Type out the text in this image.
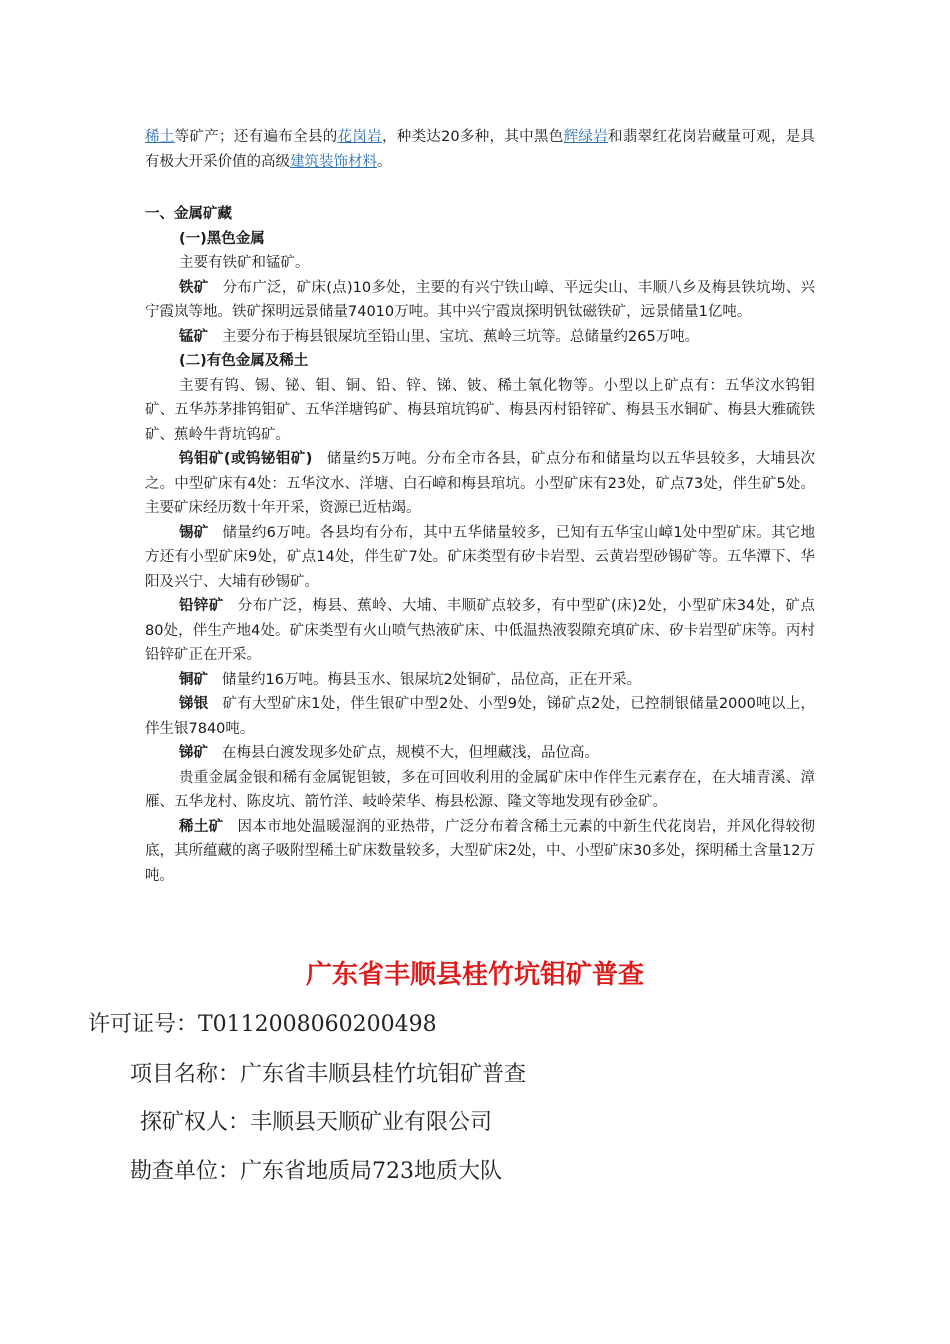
稀土等矿产；还有遍布全县的花岗岩，种类达20多种，其中黑色辉绿岩和翡翠红花岗岩藏量可观，是具有极大开采价值的高级建筑装饰材料。

一、金属矿藏

(一)黑色金属

主要有铁矿和锰矿。

铁矿 分布广泛，矿床(点)10多处，主要的有兴宁铁山嶂、平远尖山、丰顺八乡及梅县铁坑坳、兴宁霞岚等地。铁矿探明远景储量74010万吨。其中兴宁霞岚探明钒钛磁铁矿，远景储量1亿吨。

锰矿 主要分布于梅县银屎坑至铅山里、宝坑、蕉岭三坑等。总储量约265万吨。

(二)有色金属及稀土

主要有钨、锡、铋、钼、铜、铅、锌、锑、铍、稀土氧化物等。小型以上矿点有：五华汶水钨钼矿、五华苏茅排钨钼矿、五华洋塘钨矿、梅县琯坑钨矿、梅县丙村铅锌矿、梅县玉水铜矿、梅县大雅硫铁矿、蕉岭牛背坑钨矿。

钨钼矿(或钨铋钼矿) 储量约5万吨。分布全市各县，矿点分布和储量均以五华县较多，大埔县次之。中型矿床有4处：五华汶水、洋塘、白石嶂和梅县琯坑。小型矿床有23处，矿点73处，伴生矿5处。主要矿床经历数十年开采，资源已近枯竭。

锡矿 储量约6万吨。各县均有分布，其中五华储量较多，已知有五华宝山嶂1处中型矿床。其它地方还有小型矿床9处，矿点14处，伴生矿7处。矿床类型有矽卡岩型、云黄岩型砂锡矿等。五华潭下、华阳及兴宁、大埔有砂锡矿。

铅锌矿 分布广泛，梅县、蕉岭、大埔、丰顺矿点较多，有中型矿(床)2处，小型矿床34处，矿点80处，伴生产地4处。矿床类型有火山喷气热液矿床、中低温热液裂隙充填矿床、矽卡岩型矿床等。丙村铅锌矿正在开采。

铜矿 储量约16万吨。梅县玉水、银屎坑2处铜矿，品位高，正在开采。

锑银 矿有大型矿床1处，伴生银矿中型2处、小型9处，锑矿点2处，已控制银储量2000吨以上，伴生银7840吨。

锑矿 在梅县白渡发现多处矿点，规模不大，但埋藏浅，品位高。

贵重金属金银和稀有金属铌钽铍，多在可回收利用的金属矿床中作伴生元素存在，在大埔青溪、漳雁、五华龙村、陈皮坑、箭竹洋、岐岭荣华、梅县松源、隆文等地发现有砂金矿。

稀土矿 因本市地处温暖湿润的亚热带，广泛分布着含稀土元素的中新生代花岗岩，并风化得较彻底，其所蕴藏的离子吸附型稀土矿床数量较多，大型矿床2处，中、小型矿床30多处，探明稀土含量12万吨。

广东省丰顺县桂竹坑钼矿普查
许可证号：T01120080602004​98
项目名称：广东省丰顺县桂竹坑钼矿普查
探矿权人：丰顺县天顺矿业有限公司
勘查单位：广东省地质局723地质大队
